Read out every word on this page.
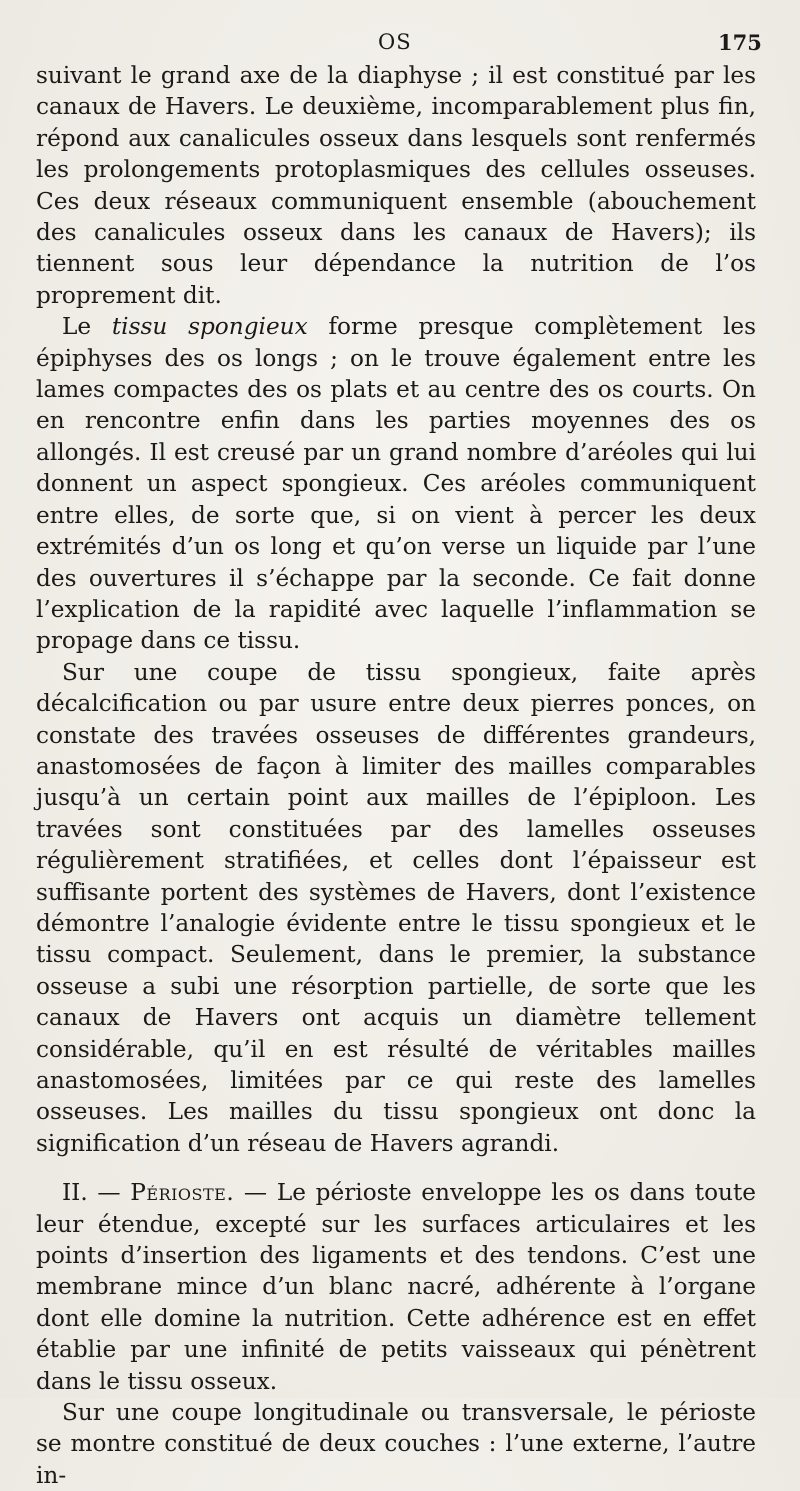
OS	175

suivant le grand axe de la diaphyse ; il est constitué par les canaux de Havers. Le deuxième, incomparablement plus fin, répond aux canalicules osseux dans lesquels sont renfermés les prolongements protoplasmiques des cellules osseuses. Ces deux réseaux communiquent ensemble (abouchement des canalicules osseux dans les canaux de Havers); ils tiennent sous leur dépendance la nutrition de l’os proprement dit.

Le tissu spongieux forme presque complètement les épiphyses des os longs ; on le trouve également entre les lames compactes des os plats et au centre des os courts. On en rencontre enfin dans les parties moyennes des os allongés. Il est creusé par un grand nombre d’aréoles qui lui donnent un aspect spongieux. Ces aréoles communiquent entre elles, de sorte que, si on vient à percer les deux extrémités d’un os long et qu’on verse un liquide par l’une des ouvertures il s’échappe par la seconde. Ce fait donne l’explication de la rapidité avec laquelle l’inflammation se propage dans ce tissu.

Sur une coupe de tissu spongieux, faite après décalcification ou par usure entre deux pierres ponces, on constate des travées osseuses de différentes grandeurs, anastomosées de façon à limiter des mailles comparables jusqu’à un certain point aux mailles de l’épiploon. Les travées sont constituées par des lamelles osseuses régulièrement stratifiées, et celles dont l’épaisseur est suffisante portent des systèmes de Havers, dont l’existence démontre l’analogie évidente entre le tissu spongieux et le tissu compact. Seulement, dans le premier, la substance osseuse a subi une résorption partielle, de sorte que les canaux de Havers ont acquis un diamètre tellement considérable, qu’il en est résulté de véritables mailles anastomosées, limitées par ce qui reste des lamelles osseuses. Les mailles du tissu spongieux ont donc la signification d’un réseau de Havers agrandi.

II. — Périoste. — Le périoste enveloppe les os dans toute leur étendue, excepté sur les surfaces articulaires et les points d’insertion des ligaments et des tendons. C’est une membrane mince d’un blanc nacré, adhérente à l’organe dont elle domine la nutrition. Cette adhérence est en effet établie par une infinité de petits vaisseaux qui pénètrent dans le tissu osseux.

Sur une coupe longitudinale ou transversale, le périoste se montre constitué de deux couches : l’une externe, l’autre in-
